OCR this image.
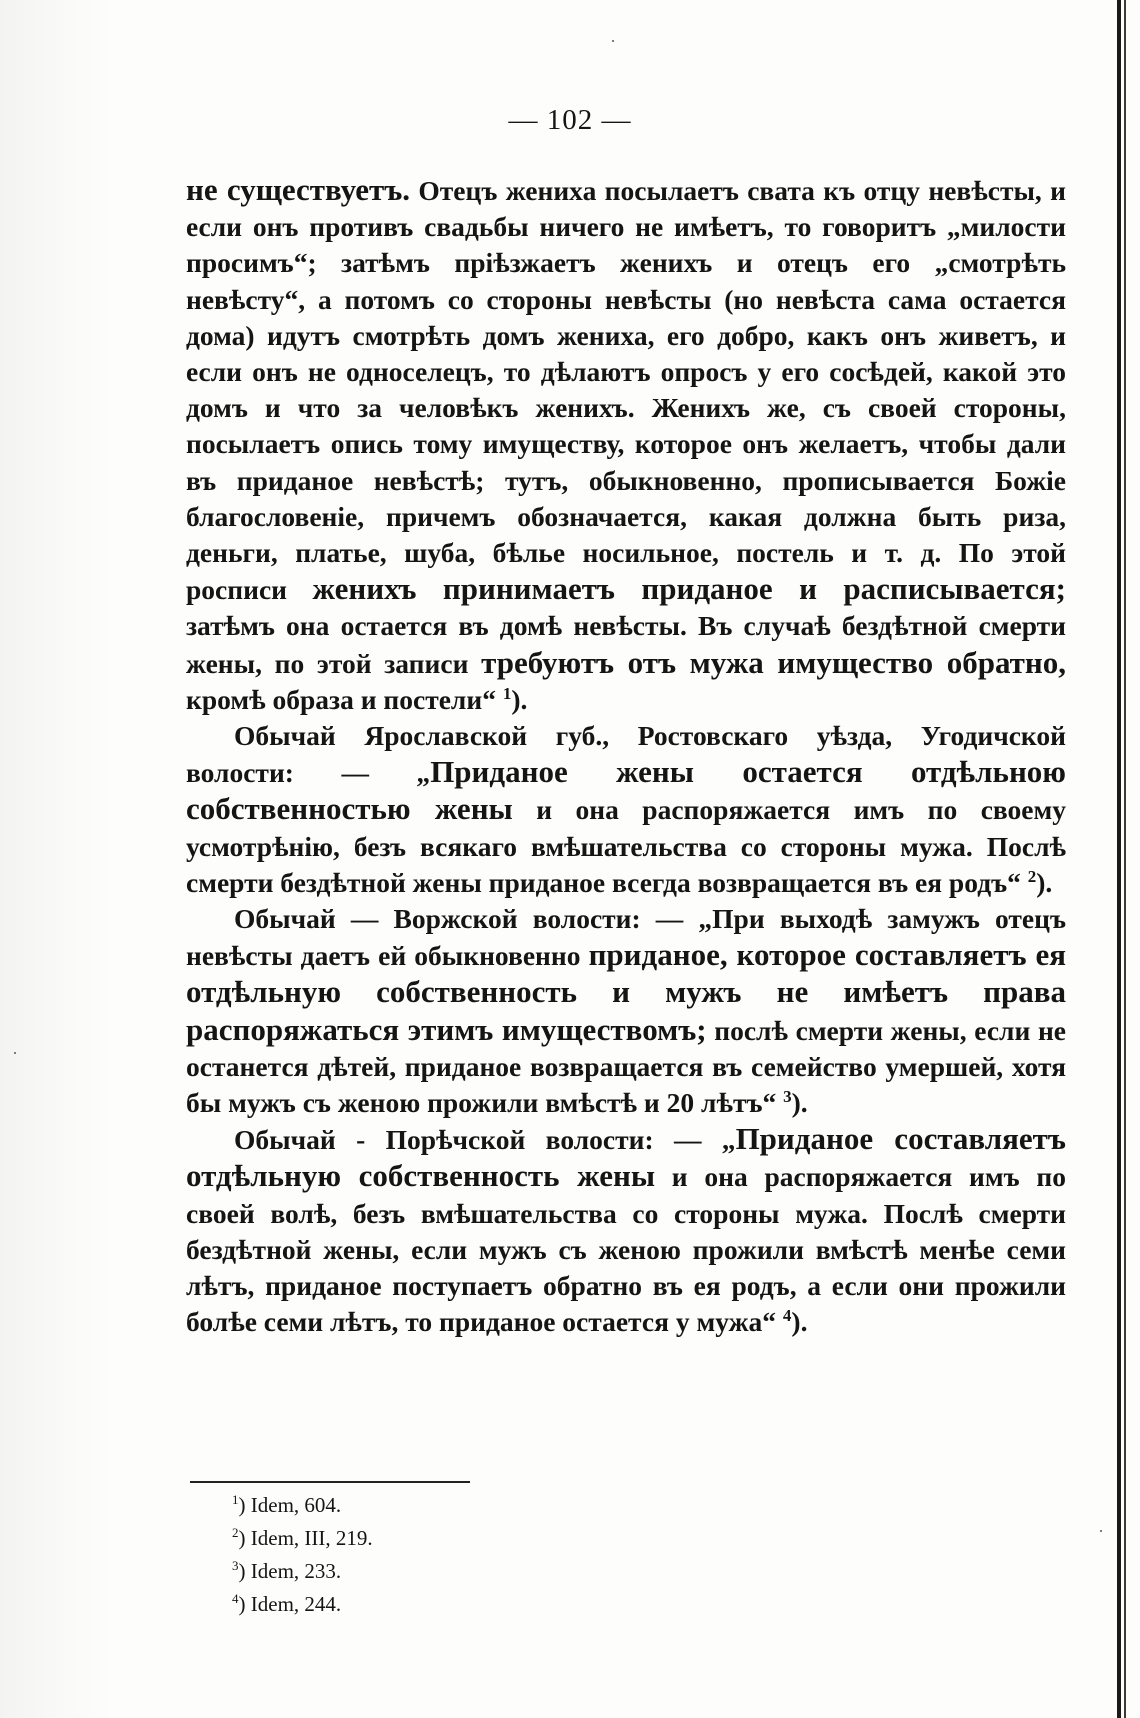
— 102 —

не существуетъ. Отецъ жениха посылаетъ свата къ отцу невѣсты, и если онъ противъ свадьбы ничего не имѣетъ, то говоритъ „милости просимъ“; затѣмъ пріѣзжаетъ женихъ и отецъ его „смотрѣть невѣсту“, а потомъ со стороны невѣсты (но невѣста сама остается дома) идутъ смотрѣть домъ жениха, его добро, какъ онъ живетъ, и если онъ не односелецъ, то дѣлаютъ опросъ у его сосѣдей, какой это домъ и что за человѣкъ женихъ. Женихъ же, съ своей стороны, посылаетъ опись тому имуществу, которое онъ желаетъ, чтобы дали въ приданое невѣстѣ; тутъ, обыкновенно, прописывается Божіе благословеніе, причемъ обозначается, какая должна быть риза, деньги, платье, шуба, бѣлье носильное, постель и т. д. По этой росписи женихъ принимаетъ приданое и расписывается; затѣмъ она остается въ домѣ невѣсты. Въ случаѣ бездѣтной смерти жены, по этой записи требуютъ отъ мужа имущество обратно, кромѣ образа и постели“ $^1$).

Обычай Ярославской губ., Ростовскаго уѣзда, Угодичской волости: — „Приданое жены остается отдѣльною собственностью жены и она распоряжается имъ по своему усмотрѣнію, безъ всякаго вмѣшательства со стороны мужа. Послѣ смерти бездѣтной жены приданое всегда возвращается въ ея родъ“ $^2$).

Обычай — Воржской волости: — „При выходѣ замужъ отецъ невѣсты даетъ ей обыкновенно приданое, которое составляетъ ея отдѣльную собственность и мужъ не имѣетъ права распоряжаться этимъ имуществомъ; послѣ смерти жены, если не останется дѣтей, приданое возвращается въ семейство умершей, хотя бы мужъ съ женою прожили вмѣстѣ и 20 лѣтъ“ $^3$).

Обычай - Порѣчской волости: — „Приданое составляетъ отдѣльную собственность жены и она распоряжается имъ по своей волѣ, безъ вмѣшательства со стороны мужа. Послѣ смерти бездѣтной жены, если мужъ съ женою прожили вмѣстѣ менѣе семи лѣтъ, приданое поступаетъ обратно въ ея родъ, а если они прожили болѣе семи лѣтъ, то приданое остается у мужа“ $^4$).

$^1$) Idem, 604.
$^2$) Idem, III, 219.
$^3$) Idem, 233.
$^4$) Idem, 244.
